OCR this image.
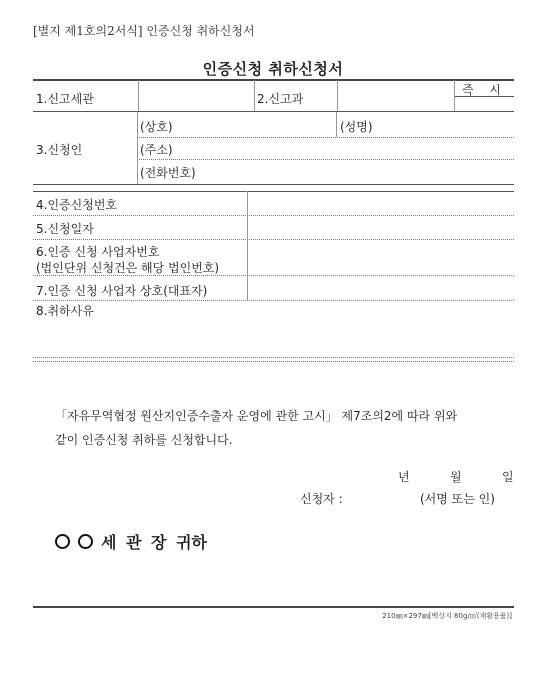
[별지 제1호의2서식] 인증신청 취하신청서
인증신청 취하신청서
1.신고세관	2.신고과
즉 시
3.신청인
(상호)	(성명)
(주소)
(전화번호)
4.인증신청번호
5.신청일자
6.인증 신청 사업자번호
(법인단위 신청건은 해당 법인번호)
7.인증 신청 사업자 상호(대표자)
8.취하사유
「자유무역협정 원산지인증수출자 운영에 관한 고시」 제7조의2에 따라 위와
같이 인증신청 취하를 신청합니다.
년	월	일
신청자 :	(서명 또는 인)
세 관 장 귀하
210㎜×297㎜[백상지 80g/㎡(재활용품)]
